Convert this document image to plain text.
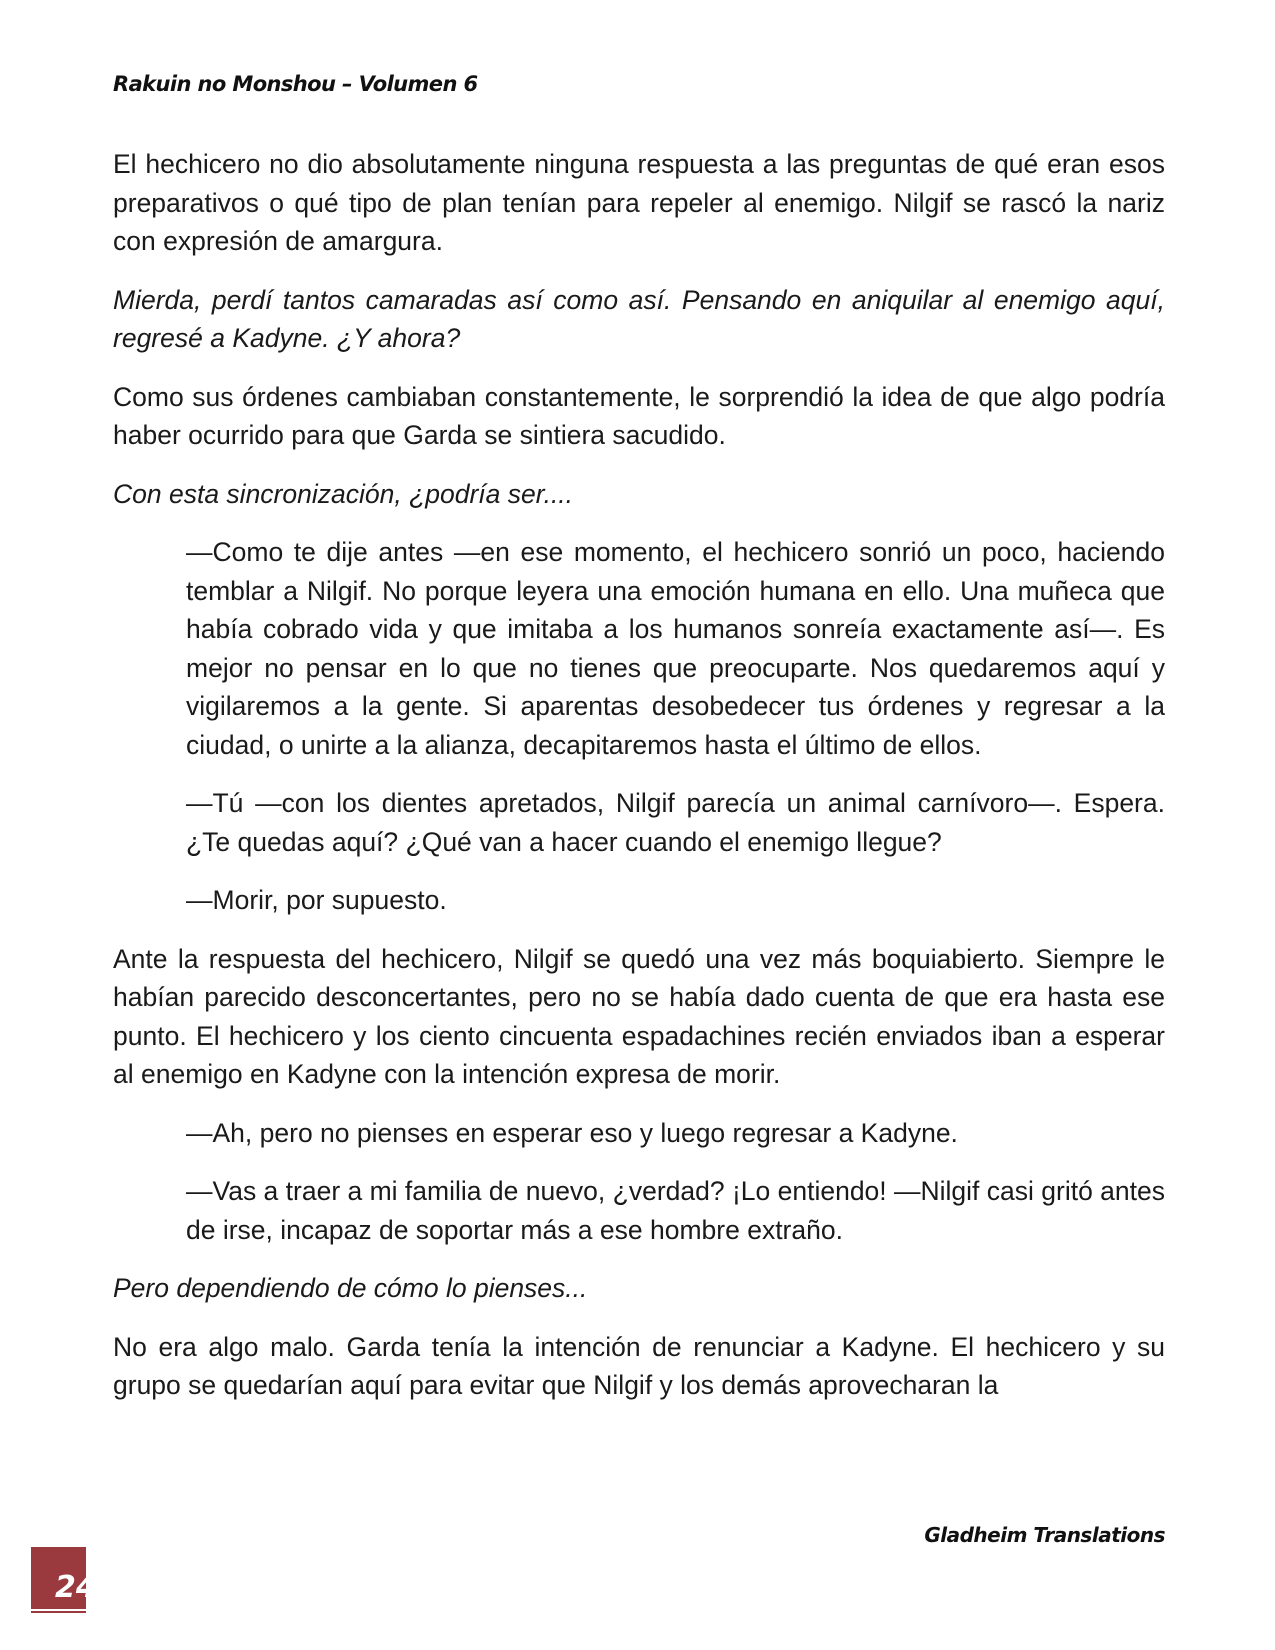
Rakuin no Monshou – Volumen 6

El hechicero no dio absolutamente ninguna respuesta a las preguntas de qué eran esos preparativos o qué tipo de plan tenían para repeler al enemigo. Nilgif se rascó la nariz con expresión de amargura.

Mierda, perdí tantos camaradas así como así. Pensando en aniquilar al enemigo aquí, regresé a Kadyne. ¿Y ahora?

Como sus órdenes cambiaban constantemente, le sorprendió la idea de que algo podría haber ocurrido para que Garda se sintiera sacudido.

Con esta sincronización, ¿podría ser....

—Como te dije antes —en ese momento, el hechicero sonrió un poco, haciendo temblar a Nilgif. No porque leyera una emoción humana en ello. Una muñeca que había cobrado vida y que imitaba a los humanos sonreía exactamente así—. Es mejor no pensar en lo que no tienes que preocuparte. Nos quedaremos aquí y vigilaremos a la gente. Si aparentas desobedecer tus órdenes y regresar a la ciudad, o unirte a la alianza, decapitaremos hasta el último de ellos.

—Tú —con los dientes apretados, Nilgif parecía un animal carnívoro—. Espera. ¿Te quedas aquí? ¿Qué van a hacer cuando el enemigo llegue?

—Morir, por supuesto.

Ante la respuesta del hechicero, Nilgif se quedó una vez más boquiabierto. Siempre le habían parecido desconcertantes, pero no se había dado cuenta de que era hasta ese punto. El hechicero y los ciento cincuenta espadachines recién enviados iban a esperar al enemigo en Kadyne con la intención expresa de morir.

—Ah, pero no pienses en esperar eso y luego regresar a Kadyne.

—Vas a traer a mi familia de nuevo, ¿verdad? ¡Lo entiendo! —Nilgif casi gritó antes de irse, incapaz de soportar más a ese hombre extraño.

Pero dependiendo de cómo lo pienses...

No era algo malo. Garda tenía la intención de renunciar a Kadyne. El hechicero y su grupo se quedarían aquí para evitar que Nilgif y los demás aprovecharan la

Gladheim Translations
24
